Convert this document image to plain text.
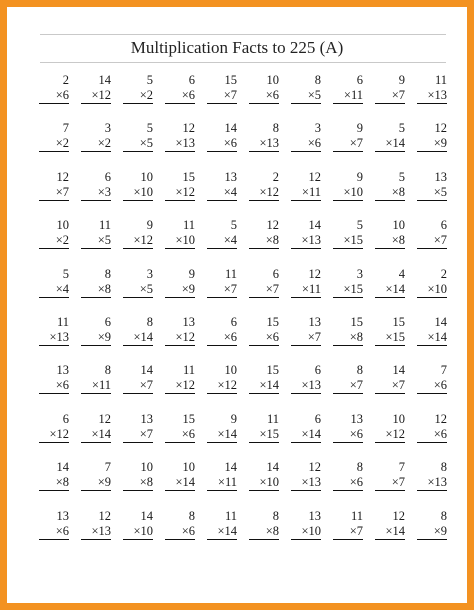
Multiplication Facts to 225 (A)
2
×6
14
×12
5
×2
6
×6
15
×7
10
×6
8
×5
6
×11
9
×7
11
×13
7
×2
3
×2
5
×5
12
×13
14
×6
8
×13
3
×6
9
×7
5
×14
12
×9
12
×7
6
×3
10
×10
15
×12
13
×4
2
×12
12
×11
9
×10
5
×8
13
×5
10
×2
11
×5
9
×12
11
×10
5
×4
12
×8
14
×13
5
×15
10
×8
6
×7
5
×4
8
×8
3
×5
9
×9
11
×7
6
×7
12
×11
3
×15
4
×14
2
×10
11
×13
6
×9
8
×14
13
×12
6
×6
15
×6
13
×7
15
×8
15
×15
14
×14
13
×6
8
×11
14
×7
11
×12
10
×12
15
×14
6
×13
8
×7
14
×7
7
×6
6
×12
12
×14
13
×7
15
×6
9
×14
11
×15
6
×14
13
×6
10
×12
12
×6
14
×8
7
×9
10
×8
10
×14
14
×11
14
×10
12
×13
8
×6
7
×7
8
×13
13
×6
12
×13
14
×10
8
×6
11
×14
8
×8
13
×10
11
×7
12
×14
8
×9
